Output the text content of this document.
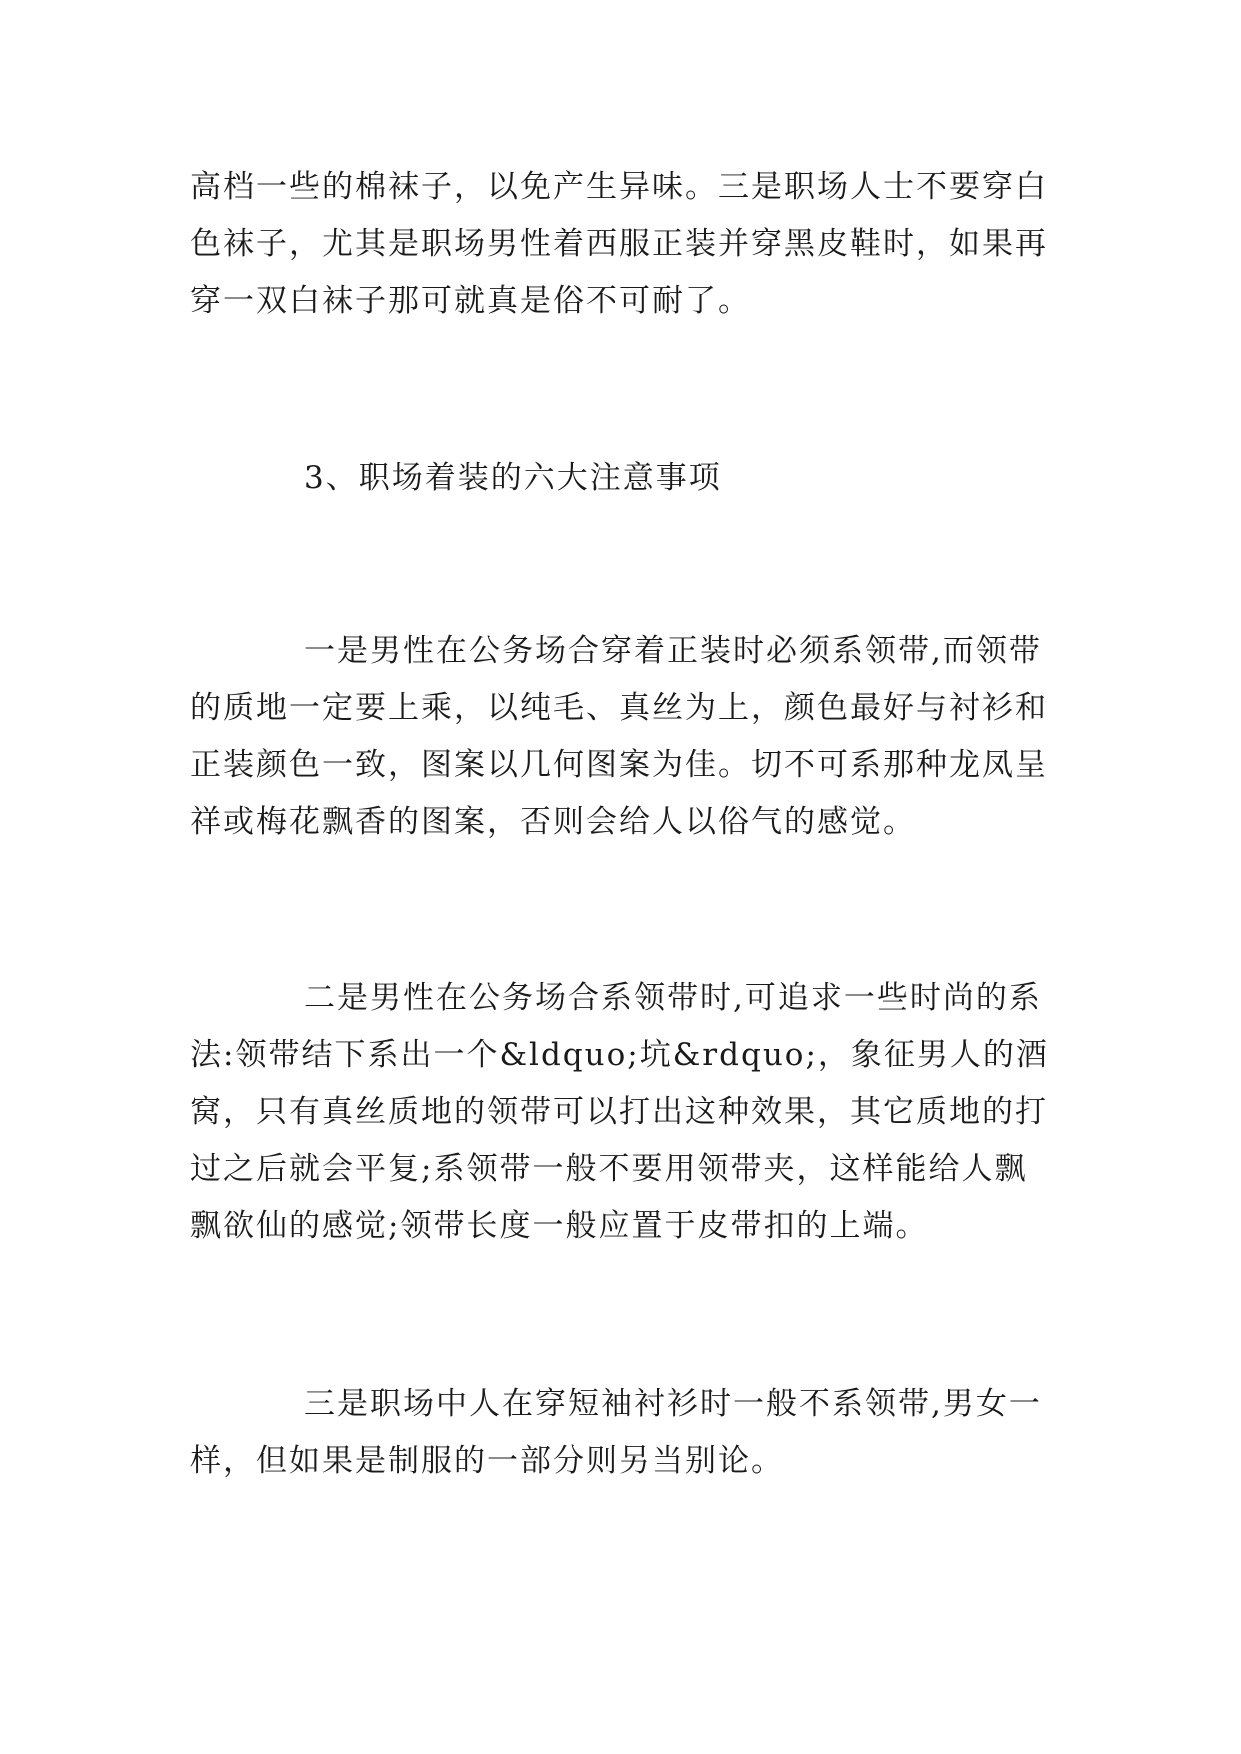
高档一些的棉袜子，以免产生异味。三是职场人士不要穿白色袜子，尤其是职场男性着西服正装并穿黑皮鞋时，如果再穿一双白袜子那可就真是俗不可耐了。

3、职场着装的六大注意事项

一是男性在公务场合穿着正装时必须系领带,而领带的质地一定要上乘，以纯毛、真丝为上，颜色最好与衬衫和正装颜色一致，图案以几何图案为佳。切不可系那种龙凤呈祥或梅花飘香的图案，否则会给人以俗气的感觉。

二是男性在公务场合系领带时,可追求一些时尚的系法:领带结下系出一个&ldquo;坑&rdquo;，象征男人的酒窝，只有真丝质地的领带可以打出这种效果，其它质地的打过之后就会平复;系领带一般不要用领带夹，这样能给人飘飘欲仙的感觉;领带长度一般应置于皮带扣的上端。

三是职场中人在穿短袖衬衫时一般不系领带,男女一样，但如果是制服的一部分则另当别论。
